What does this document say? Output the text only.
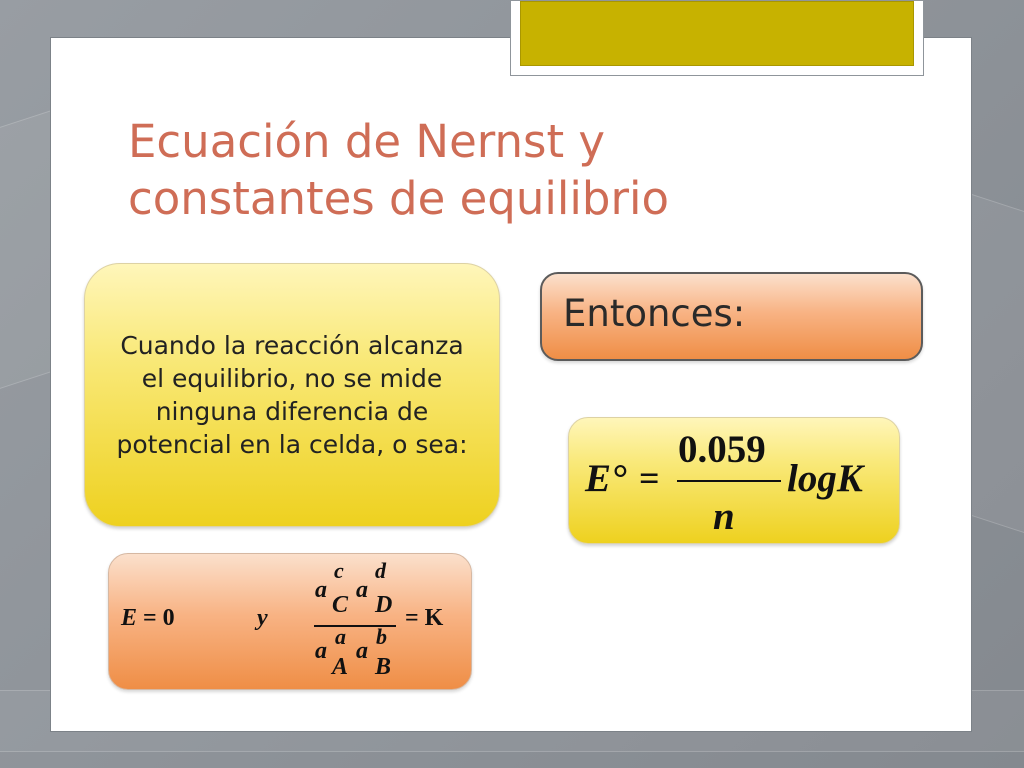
Ecuación de Nernst y
constantes de equilibrio
Cuando la reacción alcanza el equilibrio, no se mide ninguna diferencia de potencial en la celda, o sea:
Entonces:
E° =
0.059
n
logK
E = 0	y
a
c
C
a
d
D
a
a
A
a
b
B
= K
